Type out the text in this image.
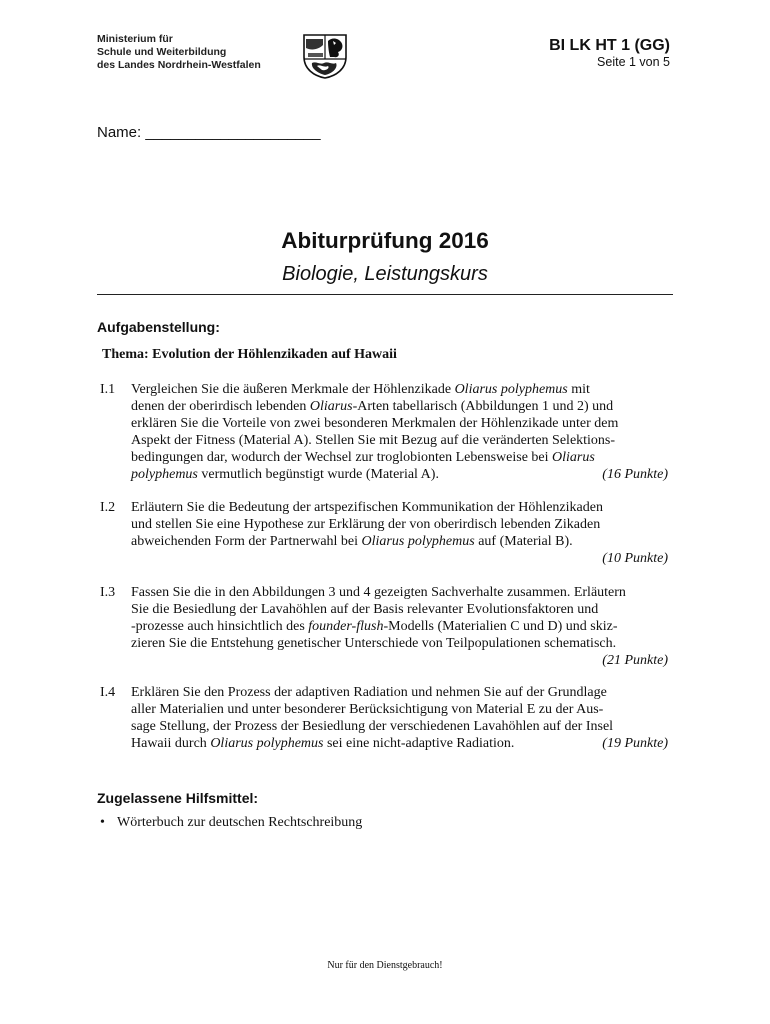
Ministerium für
Schule und Weiterbildung
des Landes Nordrhein-Westfalen
BI LK HT 1 (GG)
Seite 1 von 5
Name: _____________________
Abiturprüfung 2016
Biologie, Leistungskurs
Aufgabenstellung:
Thema: Evolution der Höhlenzikaden auf Hawaii
I.1 Vergleichen Sie die äußeren Merkmale der Höhlenzikade Oliarus polyphemus mit
denen der oberirdisch lebenden Oliarus-Arten tabellarisch (Abbildungen 1 und 2) und
erklären Sie die Vorteile von zwei besonderen Merkmalen der Höhlenzikade unter dem
Aspekt der Fitness (Material A). Stellen Sie mit Bezug auf die veränderten Selektions-
bedingungen dar, wodurch der Wechsel zur troglobionten Lebensweise bei Oliarus
(16 Punkte)
polyphemus vermutlich begünstigt wurde (Material A).
I.2 Erläutern Sie die Bedeutung der artspezifischen Kommunikation der Höhlenzikaden
und stellen Sie eine Hypothese zur Erklärung der von oberirdisch lebenden Zikaden
abweichenden Form der Partnerwahl bei Oliarus polyphemus auf (Material B).
(10 Punkte)
I.3 Fassen Sie die in den Abbildungen 3 und 4 gezeigten Sachverhalte zusammen. Erläutern
Sie die Besiedlung der Lavahöhlen auf der Basis relevanter Evolutionsfaktoren und
-prozesse auch hinsichtlich des founder-flush-Modells (Materialien C und D) und skiz-
zieren Sie die Entstehung genetischer Unterschiede von Teilpopulationen schematisch.
(21 Punkte)
I.4 Erklären Sie den Prozess der adaptiven Radiation und nehmen Sie auf der Grundlage
aller Materialien und unter besonderer Berücksichtigung von Material E zu der Aus-
sage Stellung, der Prozess der Besiedlung der verschiedenen Lavahöhlen auf der Insel
(19 Punkte)
Hawaii durch Oliarus polyphemus sei eine nicht-adaptive Radiation.
Zugelassene Hilfsmittel:
• Wörterbuch zur deutschen Rechtschreibung
Nur für den Dienstgebrauch!
